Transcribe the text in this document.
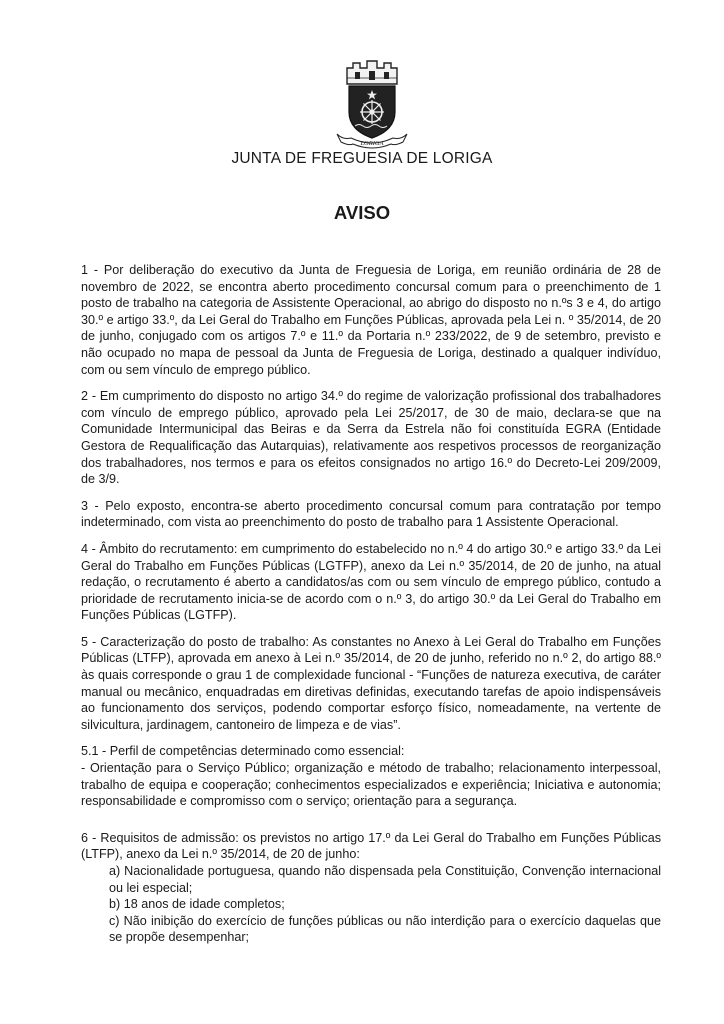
LORIGA
JUNTA DE FREGUESIA DE LORIGA
AVISO

1 - Por deliberação do executivo da Junta de Freguesia de Loriga, em reunião ordinária de 28 de novembro de 2022, se encontra aberto procedimento concursal comum para o preenchimento de 1 posto de trabalho na categoria de Assistente Operacional, ao abrigo do disposto no n.ºs 3 e 4, do artigo 30.º e artigo 33.º, da Lei Geral do Trabalho em Funções Públicas, aprovada pela Lei n. º 35/2014, de 20 de junho, conjugado com os artigos 7.º e 11.º da Portaria n.º 233/2022, de 9 de setembro, previsto e não ocupado no mapa de pessoal da Junta de Freguesia de Loriga, destinado a qualquer indivíduo, com ou sem vínculo de emprego público.

2 - Em cumprimento do disposto no artigo 34.º do regime de valorização profissional dos trabalhadores com vínculo de emprego público, aprovado pela Lei 25/2017, de 30 de maio, declara-se que na Comunidade Intermunicipal das Beiras e da Serra da Estrela não foi constituída EGRA (Entidade Gestora de Requalificação das Autarquias), relativamente aos respetivos processos de reorganização dos trabalhadores, nos termos e para os efeitos consignados no artigo 16.º do Decreto-Lei 209/2009, de 3/9.

3 - Pelo exposto, encontra-se aberto procedimento concursal comum para contratação por tempo indeterminado, com vista ao preenchimento do posto de trabalho para 1 Assistente Operacional.

4 - Âmbito do recrutamento: em cumprimento do estabelecido no n.º 4 do artigo 30.º e artigo 33.º da Lei Geral do Trabalho em Funções Públicas (LGTFP), anexo da Lei n.º 35/2014, de 20 de junho, na atual redação, o recrutamento é aberto a candidatos/as com ou sem vínculo de emprego público, contudo a prioridade de recrutamento inicia-se de acordo com o n.º 3, do artigo 30.º da Lei Geral do Trabalho em Funções Públicas (LGTFP).

5 - Caracterização do posto de trabalho: As constantes no Anexo à Lei Geral do Trabalho em Funções Públicas (LTFP), aprovada em anexo à Lei n.º 35/2014, de 20 de junho, referido no n.º 2, do artigo 88.º às quais corresponde o grau 1 de complexidade funcional - “Funções de natureza executiva, de caráter manual ou mecânico, enquadradas em diretivas definidas, executando tarefas de apoio indispensáveis ao funcionamento dos serviços, podendo comportar esforço físico, nomeadamente, na vertente de silvicultura, jardinagem, cantoneiro de limpeza e de vias”.

5.1 - Perfil de competências determinado como essencial:

- Orientação para o Serviço Público; organização e método de trabalho; relacionamento interpessoal, trabalho de equipa e cooperação; conhecimentos especializados e experiência; Iniciativa e autonomia; responsabilidade e compromisso com o serviço; orientação para a segurança.

6 - Requisitos de admissão: os previstos no artigo 17.º da Lei Geral do Trabalho em Funções Públicas (LTFP), anexo da Lei n.º 35/2014, de 20 de junho:

a) Nacionalidade portuguesa, quando não dispensada pela Constituição, Convenção internacional ou lei especial;
b) 18 anos de idade completos;
c) Não inibição do exercício de funções públicas ou não interdição para o exercício daquelas que se propõe desempenhar;
